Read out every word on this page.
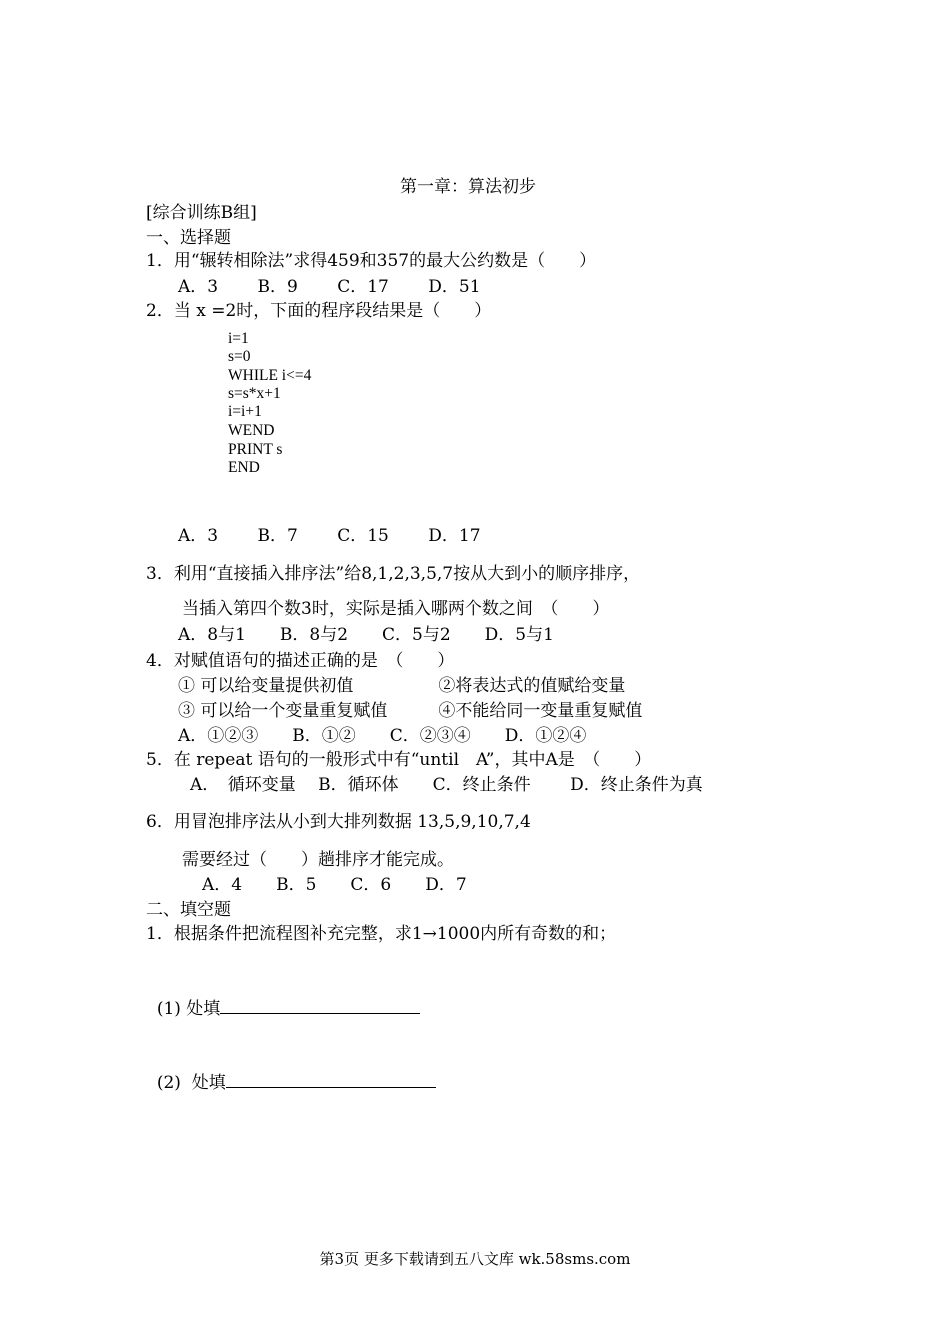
第一章：算法初步
[综合训练B组]
一、选择题
1．用“辗转相除法”求得459和357的最大公约数是（　　）
A．3　　 B．9　　 C．17　　 D．51
2．当 x =2时，下面的程序段结果是（　　）
i=1
s=0
WHILE i<=4
s=s*x+1
i=i+1
WEND
PRINT s
END
A．3　　 B．7　　 C．15　　 D．17
3．利用“直接插入排序法”给8,1,2,3,5,7按从大到小的顺序排序，
当插入第四个数3时，实际是插入哪两个数之间　（　　）
A．8与1　　B．8与2　　C．5与2　　D．5与1
4．对赋值语句的描述正确的是　（　　）
① 可以给变量提供初值　　　　　②将表达式的值赋给变量
③ 可以给一个变量重复赋值　　　④不能给同一变量重复赋值
A．①②③　　B．①②　　C．②③④　　D．①②④
5．在 repeat 语句的一般形式中有“until　A”，其中A是　（　　）
A．　循环变量　 B．循环体　　C．终止条件　　 D．终止条件为真
6．用冒泡排序法从小到大排列数据 13,5,9,10,7,4
需要经过（　　）趟排序才能完成。
A．4　　B．5　　C．6　　D．7
二、填空题
1．根据条件把流程图补充完整，求1→1000内所有奇数的和；

(1) 处填

(2)  处填

第3页 更多下载请到五八文库 wk.58sms.com
